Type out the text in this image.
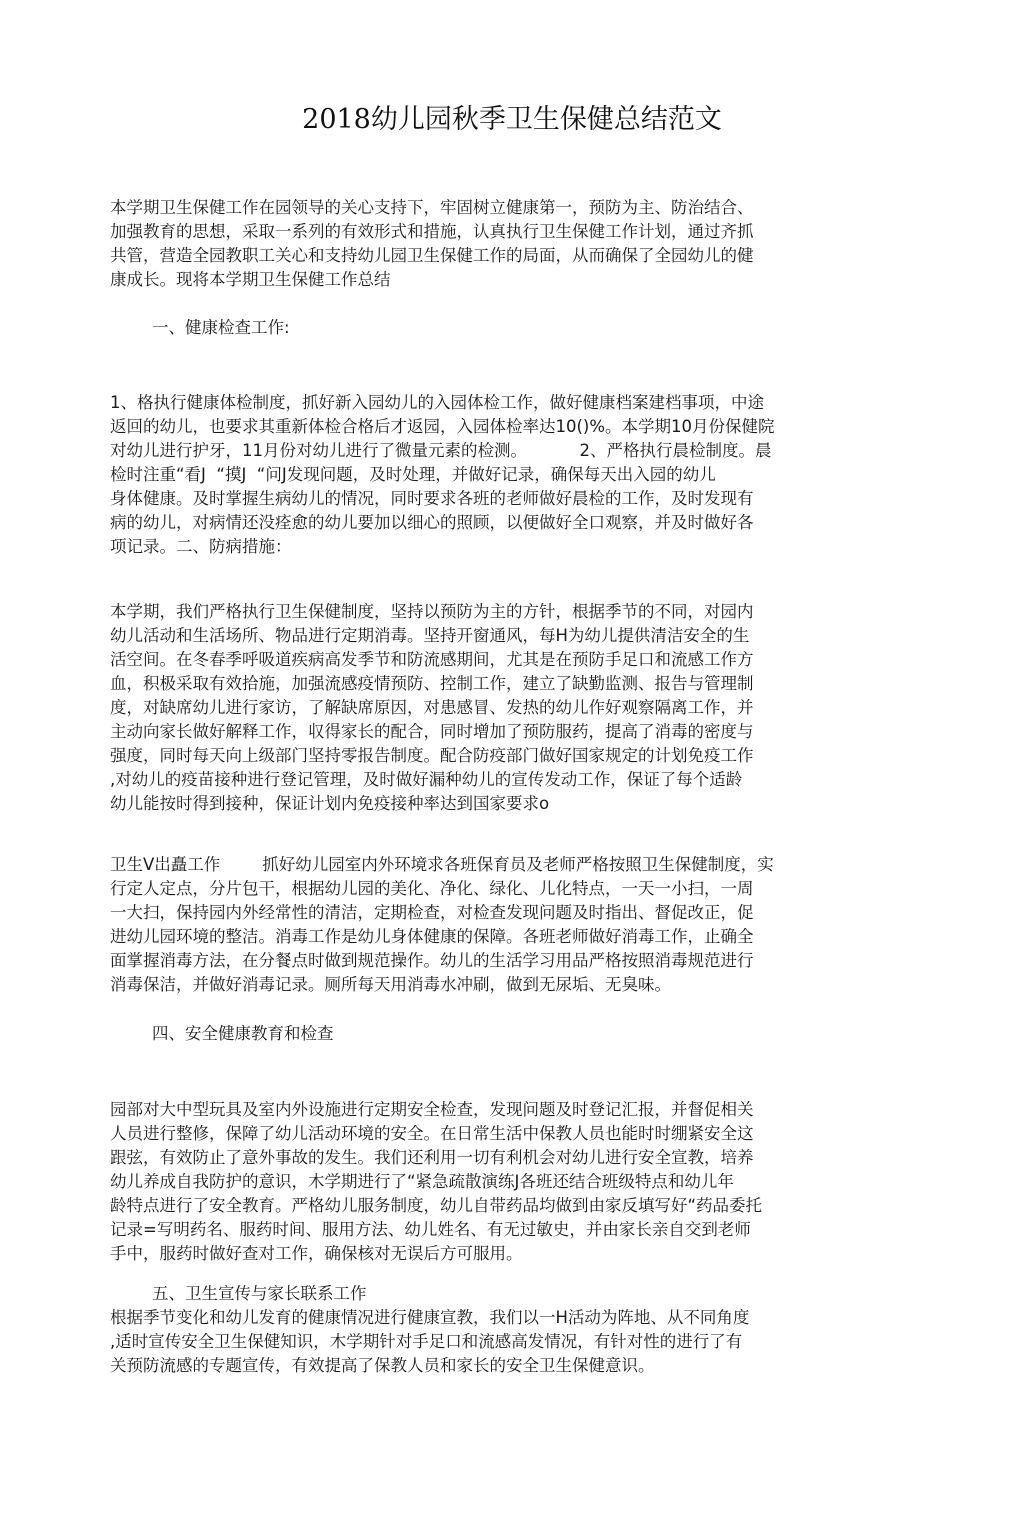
2018幼儿园秋季卫生保健总结范文
本学期卫生保健工作在园领导的关心支持下，牢固树立健康第一，预防为主、防治结合、
加强教育的思想，采取一系列的有效形式和措施，认真执行卫生保健工作计划，通过齐抓
共管，营造全园教职工关心和支持幼儿园卫生保健工作的局面，从而确保了全园幼儿的健
康成长。现将本学期卫生保健工作总结
一、健康检查工作:
1、格执行健康体检制度，抓好新入园幼儿的入园体检工作，做好健康档案建档事项，中途
返回的幼儿，也要求其重新体检合格后才返园，入园体检率达10()%。本学期10月份保健院
对幼儿进行护牙，11月份对幼儿进行了微量元素的检测。          2、严格执行晨检制度。晨
检时注重“看J  “摸J  “问J发现问题，及时处理，并做好记录，确保每天出入园的幼儿
身体健康。及时掌握生病幼儿的情况，同时要求各班的老师做好晨检的工作，及时发现有
病的幼儿，对病情还没痊愈的幼儿要加以细心的照顾，以便做好全口观察，并及时做好各
项记录。二、防病措施：
本学期，我们严格执行卫生保健制度，坚持以预防为主的方针，根据季节的不同，对园内
幼儿活动和生活场所、物品进行定期消毒。坚持开窗通风，每H为幼儿提供清洁安全的生
活空间。在冬春季呼吸道疾病高发季节和防流感期间，尤其是在预防手足口和流感工作方
血，积极采取有效拾施，加强流感疫情预防、控制工作，建立了缺勤监测、报告与管理制
度，对缺席幼儿进行家访，了解缺席原因，对患感冒、发热的幼儿作好观察隔离工作，并
主动向家长做好解释工作，収得家长的配合，同时增加了预防服药，提高了消毒的密度与
强度，同时每天向上级部门坚持零报告制度。配合防疫部门做好国家规定的计划免疫工作
,对幼儿的疫苗接种进行登记管理，及时做好漏种幼儿的宣传发动工作，保证了每个适龄
幼儿能按时得到接种，保证计划内免疫接种率达到国家要求o
卫生V岀矗工作        抓好幼儿园室内外环境求各班保育员及老师严格按照卫生保健制度，实
行定人定点，分片包干，根据幼儿园的美化、净化、绿化、儿化特点，一天一小扫，一周
一大扫，保持园内外经常性的清洁，定期检查，对检查发现问题及时指出、督促改正，促
进幼儿园环境的整洁。消毒工作是幼儿身体健康的保障。各班老师做好消毒工作，止确全
面掌握消毒方法，在分餐点时做到规范操作。幼儿的生活学习用品严格按照消毒规范进行
消毒保洁，并做好消毒记录。厕所每天用消毒水冲刷，做到无尿垢、无臭味。
四、安全健康教育和检查
园部对大中型玩具及室内外设施进行定期安全检查，发现问题及时登记汇报，并督促相关
人员进行整修，保障了幼儿活动环境的安全。在日常生活中保教人员也能时时绷紧安全这
跟弦，有效防止了意外事故的发生。我们还利用一切有利机会对幼儿进行安全宣教，培养
幼儿养成自我防护的意识，木学期进行了“紧急疏散演练J各班还结合班级特点和幼儿年
龄特点进行了安全教育。严格幼儿服务制度，幼儿自带药品均做到由家反填写好“药品委托
记录=写明药名、服药时间、服用方法、幼儿姓名、有无过敏史，并由家长亲自交到老师
手中，服药时做好查对工作，确保核对无误后方可服用。
五、卫生宣传与家长联系工作
根据季节变化和幼儿发育的健康情况进行健康宣教，我们以一H活动为阵地、从不同角度
,适时宣传安全卫生保健知识，木学期针对手足口和流感高发情况，有针对性的进行了有
关预防流感的专题宣传，有效提高了保教人员和家长的安全卫生保健意识。
